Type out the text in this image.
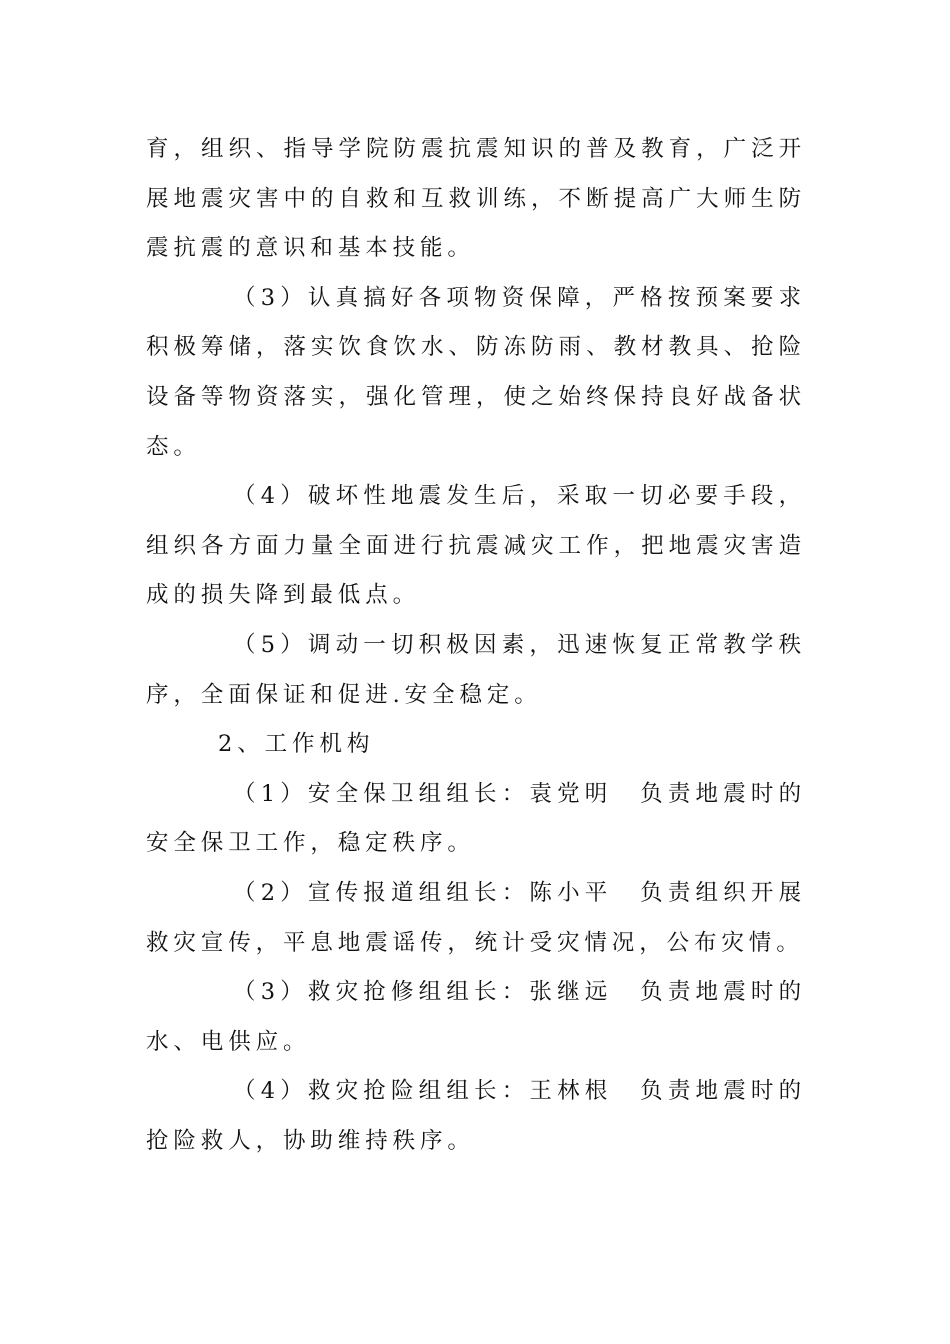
育，组织、指导学院防震抗震知识的普及教育，广泛开展地震灾害中的自救和互救训练，不断提高广大师生防震抗震的意识和基本技能。

（3）认真搞好各项物资保障，严格按预案要求积极筹储，落实饮食饮水、防冻防雨、教材教具、抢险设备等物资落实，强化管理，使之始终保持良好战备状态。

（4）破坏性地震发生后，采取一切必要手段，组织各方面力量全面进行抗震减灾工作，把地震灾害造成的损失降到最低点。

（5）调动一切积极因素，迅速恢复正常教学秩序，全面保证和促进.安全稳定。

2、工作机构

（1）安全保卫组组长：袁党明　负责地震时的安全保卫工作，稳定秩序。

（2）宣传报道组组长：陈小平　负责组织开展救灾宣传，平息地震谣传，统计受灾情况，公布灾情。

（3）救灾抢修组组长：张继远　负责地震时的水、电供应。

（4）救灾抢险组组长：王林根　负责地震时的抢险救人，协助维持秩序。
